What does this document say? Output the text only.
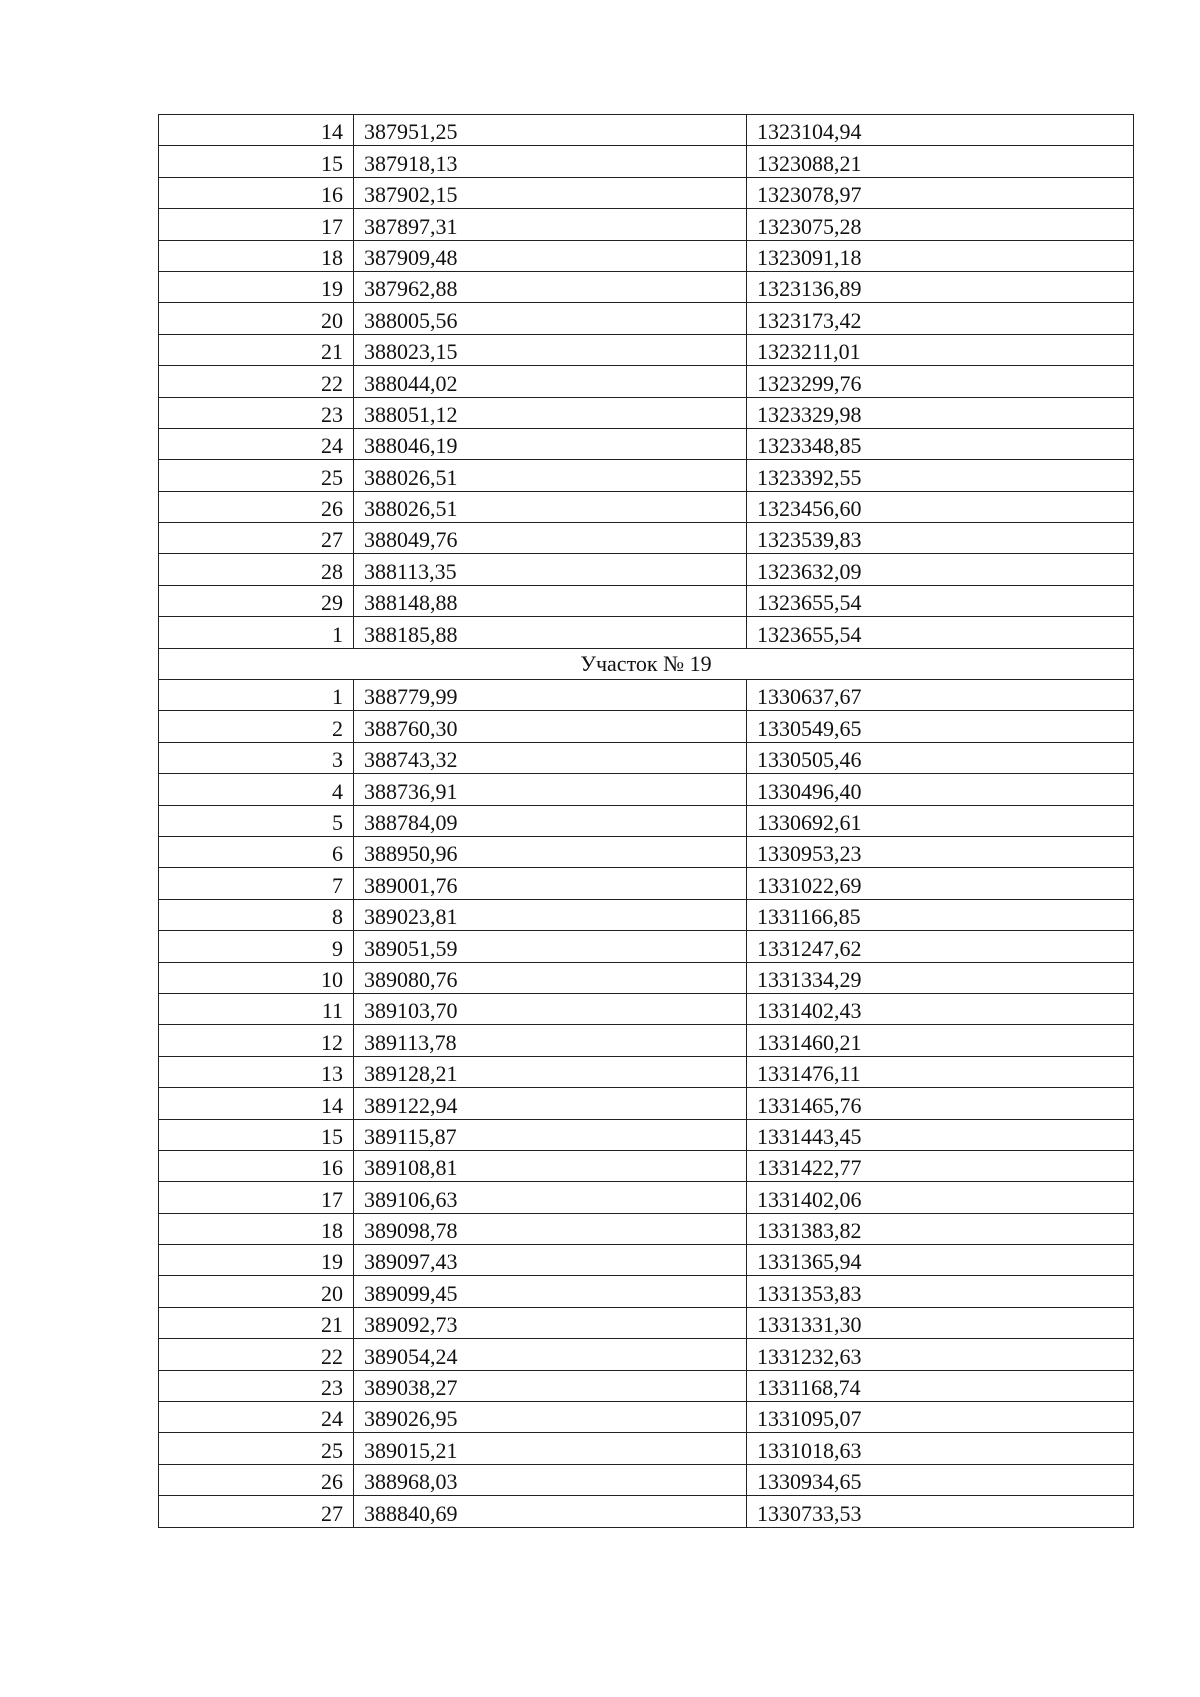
14	387951,25	1323104,94
15	387918,13	1323088,21
16	387902,15	1323078,97
17	387897,31	1323075,28
18	387909,48	1323091,18
19	387962,88	1323136,89
20	388005,56	1323173,42
21	388023,15	1323211,01
22	388044,02	1323299,76
23	388051,12	1323329,98
24	388046,19	1323348,85
25	388026,51	1323392,55
26	388026,51	1323456,60
27	388049,76	1323539,83
28	388113,35	1323632,09
29	388148,88	1323655,54
1	388185,88	1323655,54
Участок № 19		
1	388779,99	1330637,67
2	388760,30	1330549,65
3	388743,32	1330505,46
4	388736,91	1330496,40
5	388784,09	1330692,61
6	388950,96	1330953,23
7	389001,76	1331022,69
8	389023,81	1331166,85
9	389051,59	1331247,62
10	389080,76	1331334,29
11	389103,70	1331402,43
12	389113,78	1331460,21
13	389128,21	1331476,11
14	389122,94	1331465,76
15	389115,87	1331443,45
16	389108,81	1331422,77
17	389106,63	1331402,06
18	389098,78	1331383,82
19	389097,43	1331365,94
20	389099,45	1331353,83
21	389092,73	1331331,30
22	389054,24	1331232,63
23	389038,27	1331168,74
24	389026,95	1331095,07
25	389015,21	1331018,63
26	388968,03	1330934,65
27	388840,69	1330733,53
